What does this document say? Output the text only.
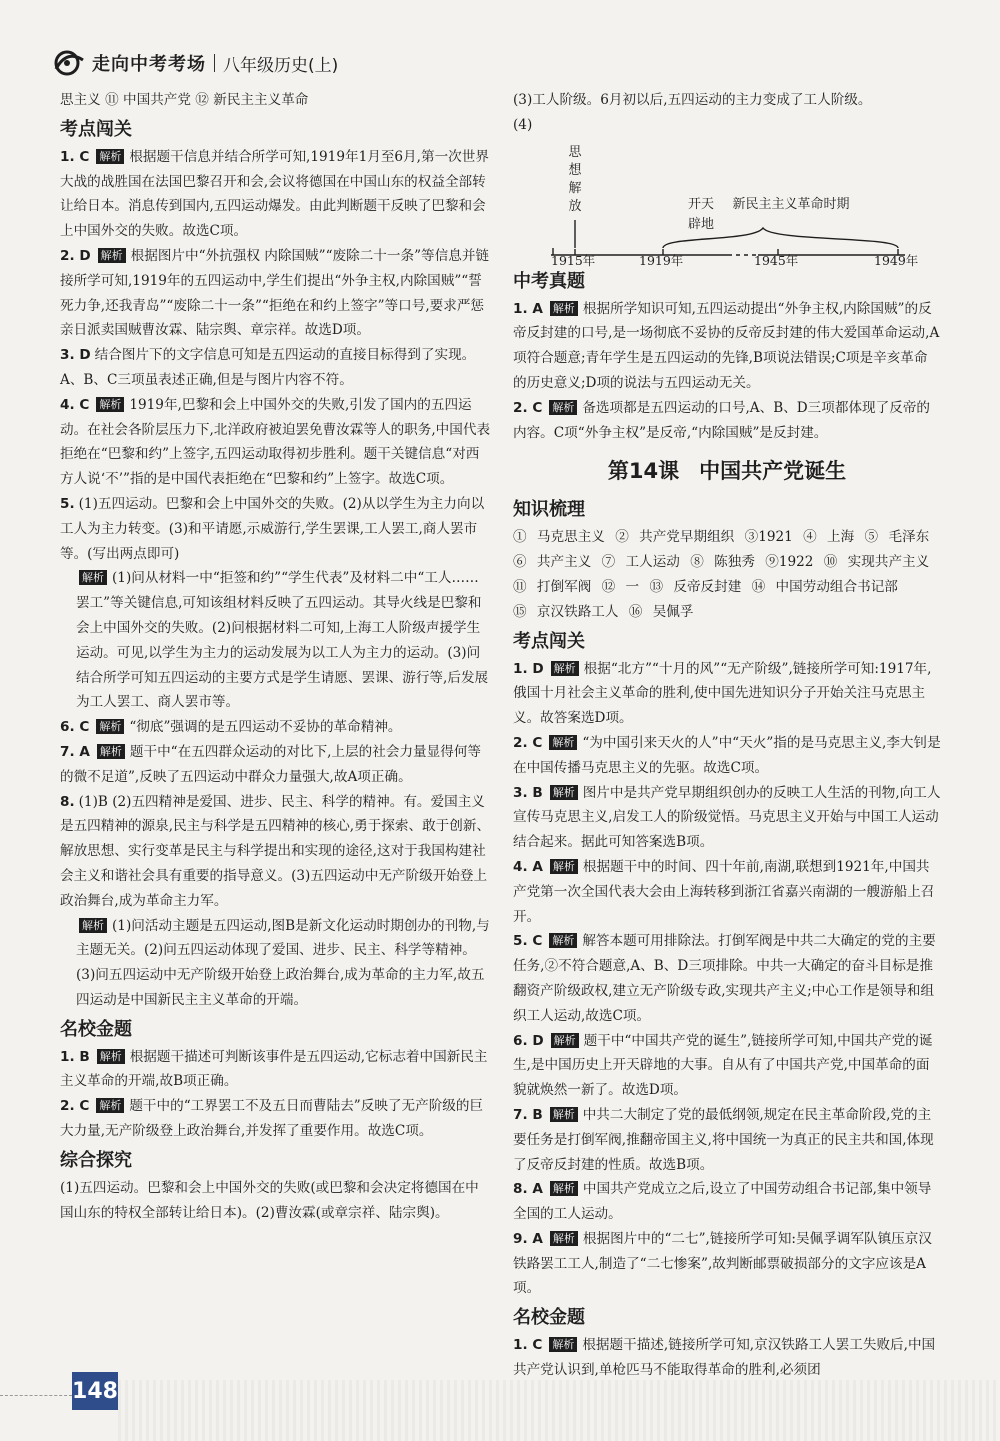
走向中考考场 八年级历史(上)

思主义 ⑪ 中国共产党 ⑫ 新民主主义革命

考点闯关

1. C 解析 根据题干信息并结合所学可知,1919年1月至6月,第一次世界大战的战胜国在法国巴黎召开和会,会议将德国在中国山东的权益全部转让给日本。消息传到国内,五四运动爆发。由此判断题干反映了巴黎和会上中国外交的失败。故选C项。

2. D 解析 根据图片中“外抗强权 内除国贼”“废除二十一条”等信息并链接所学可知,1919年的五四运动中,学生们提出“外争主权,内除国贼”“誓死力争,还我青岛”“废除二十一条”“拒绝在和约上签字”等口号,要求严惩亲日派卖国贼曹汝霖、陆宗舆、章宗祥。故选D项。

3. D 结合图片下的文字信息可知是五四运动的直接目标得到了实现。A、B、C三项虽表述正确,但是与图片内容不符。

4. C 解析 1919年,巴黎和会上中国外交的失败,引发了国内的五四运动。在社会各阶层压力下,北洋政府被迫罢免曹汝霖等人的职务,中国代表拒绝在“巴黎和约”上签字,五四运动取得初步胜利。题干关键信息“对西方人说‘不’”指的是中国代表拒绝在“巴黎和约”上签字。故选C项。

5. (1)五四运动。巴黎和会上中国外交的失败。(2)从以学生为主力向以工人为主力转变。(3)和平请愿,示威游行,学生罢课,工人罢工,商人罢市等。(写出两点即可)

解析 (1)问从材料一中“拒签和约”“学生代表”及材料二中“工人……罢工”等关键信息,可知该组材料反映了五四运动。其导火线是巴黎和会上中国外交的失败。(2)问根据材料二可知,上海工人阶级声援学生运动。可见,以学生为主力的运动发展为以工人为主力的运动。(3)问结合所学可知五四运动的主要方式是学生请愿、罢课、游行等,后发展为工人罢工、商人罢市等。

6. C 解析 “彻底”强调的是五四运动不妥协的革命精神。

7. A 解析 题干中“在五四群众运动的对比下,上层的社会力量显得何等的微不足道”,反映了五四运动中群众力量强大,故A项正确。

8. (1)B (2)五四精神是爱国、进步、民主、科学的精神。有。爱国主义是五四精神的源泉,民主与科学是五四精神的核心,勇于探索、敢于创新、解放思想、实行变革是民主与科学提出和实现的途径,这对于我国构建社会主义和谐社会具有重要的指导意义。(3)五四运动中无产阶级开始登上政治舞台,成为革命主力军。

解析 (1)问活动主题是五四运动,图B是新文化运动时期创办的刊物,与主题无关。(2)问五四运动体现了爱国、进步、民主、科学等精神。(3)问五四运动中无产阶级开始登上政治舞台,成为革命的主力军,故五四运动是中国新民主主义革命的开端。

名校金题

1. B 解析 根据题干描述可判断该事件是五四运动,它标志着中国新民主主义革命的开端,故B项正确。

2. C 解析 题干中的“工界罢工不及五日而曹陆去”反映了无产阶级的巨大力量,无产阶级登上政治舞台,并发挥了重要作用。故选C项。

综合探究

(1)五四运动。巴黎和会上中国外交的失败(或巴黎和会决定将德国在中国山东的特权全部转让给日本)。(2)曹汝霖(或章宗祥、陆宗舆)。

(3)工人阶级。6月初以后,五四运动的主力变成了工人阶级。

(4)

思
想
解
放	开天
辟地
新民主主义革命时期
1915年	1919年	1945年	1949年

中考真题

1. A 解析 根据所学知识可知,五四运动提出“外争主权,内除国贼”的反帝反封建的口号,是一场彻底不妥协的反帝反封建的伟大爱国革命运动,A项符合题意;青年学生是五四运动的先锋,B项说法错误;C项是辛亥革命的历史意义;D项的说法与五四运动无关。

2. C 解析 备选项都是五四运动的口号,A、B、D三项都体现了反帝的内容。C项“外争主权”是反帝,“内除国贼”是反封建。

第14课 中国共产党诞生

知识梳理

① 马克思主义 ② 共产党早期组织 ③1921 ④ 上海 ⑤ 毛泽东

⑥ 共产主义 ⑦ 工人运动 ⑧ 陈独秀 ⑨1922 ⑩ 实现共产主义

⑪ 打倒军阀 ⑫ 一 ⑬ 反帝反封建 ⑭ 中国劳动组合书记部

⑮ 京汉铁路工人 ⑯ 吴佩孚

考点闯关

1. D 解析 根据“北方”“十月的风”“无产阶级”,链接所学可知:1917年,俄国十月社会主义革命的胜利,使中国先进知识分子开始关注马克思主义。故答案选D项。

2. C 解析 “为中国引来天火的人”中“天火”指的是马克思主义,李大钊是在中国传播马克思主义的先驱。故选C项。

3. B 解析 图片中是共产党早期组织创办的反映工人生活的刊物,向工人宣传马克思主义,启发工人的阶级觉悟。马克思主义开始与中国工人运动结合起来。据此可知答案选B项。

4. A 解析 根据题干中的时间、四十年前,南湖,联想到1921年,中国共产党第一次全国代表大会由上海转移到浙江省嘉兴南湖的一艘游船上召开。

5. C 解析 解答本题可用排除法。打倒军阀是中共二大确定的党的主要任务,②不符合题意,A、B、D三项排除。中共一大确定的奋斗目标是推翻资产阶级政权,建立无产阶级专政,实现共产主义;中心工作是领导和组织工人运动,故选C项。

6. D 解析 题干中“中国共产党的诞生”,链接所学可知,中国共产党的诞生,是中国历史上开天辟地的大事。自从有了中国共产党,中国革命的面貌就焕然一新了。故选D项。

7. B 解析 中共二大制定了党的最低纲领,规定在民主革命阶段,党的主要任务是打倒军阀,推翻帝国主义,将中国统一为真正的民主共和国,体现了反帝反封建的性质。故选B项。

8. A 解析 中国共产党成立之后,设立了中国劳动组合书记部,集中领导全国的工人运动。

9. A 解析 根据图片中的“二七”,链接所学可知:吴佩孚调军队镇压京汉铁路罢工工人,制造了“二七惨案”,故判断邮票破损部分的文字应该是A项。

名校金题

1. C 解析 根据题干描述,链接所学可知,京汉铁路工人罢工失败后,中国共产党认识到,单枪匹马不能取得革命的胜利,必须团

148
